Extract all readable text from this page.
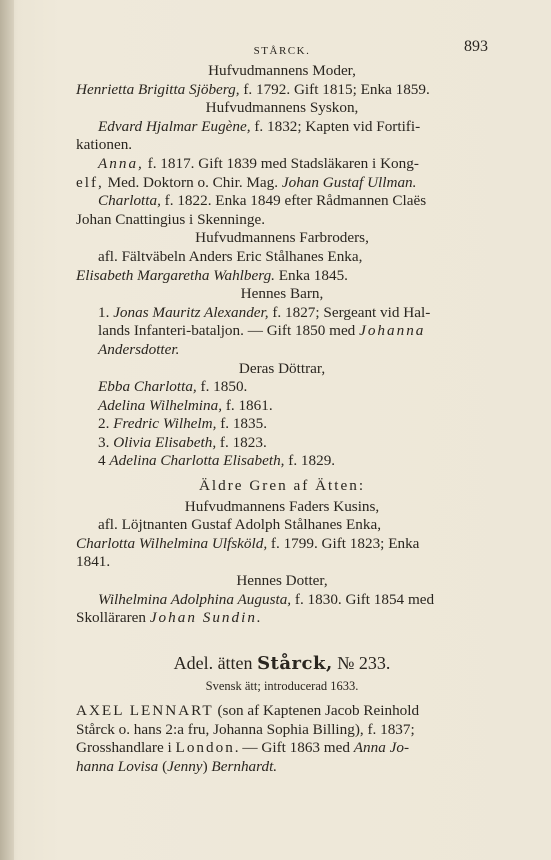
STÅRCK.	893
Hufvudmannens Moder,
Henrietta Brigitta Sjöberg, f. 1792. Gift 1815; Enka 1859.
Hufvudmannens Syskon,
Edvard Hjalmar Eugène, f. 1832; Kapten vid Fortifi-
kationen.
Anna, f. 1817. Gift 1839 med Stadsläkaren i Kong-
elf, Med. Doktorn o. Chir. Mag. Johan Gustaf Ullman.
Charlotta, f. 1822. Enka 1849 efter Rådmannen Claës
Johan Cnattingius i Skenninge.
Hufvudmannens Farbroders,
afl. Fältväbeln Anders Eric Stålhanes Enka,
Elisabeth Margaretha Wahlberg. Enka 1845.
Hennes Barn,
1. Jonas Mauritz Alexander, f. 1827; Sergeant vid Hal-
lands Infanteri-bataljon. — Gift 1850 med Johanna
Andersdotter.
Deras Döttrar,
Ebba Charlotta, f. 1850.
Adelina Wilhelmina, f. 1861.
2. Fredric Wilhelm, f. 1835.
3. Olivia Elisabeth, f. 1823.
4 Adelina Charlotta Elisabeth, f. 1829.
Äldre Gren af Ätten:
Hufvudmannens Faders Kusins,
afl. Löjtnanten Gustaf Adolph Stålhanes Enka,
Charlotta Wilhelmina Ulfsköld, f. 1799. Gift 1823; Enka
1841.
Hennes Dotter,
Wilhelmina Adolphina Augusta, f. 1830. Gift 1854 med
Skolläraren Johan Sundin.
Adel. ätten Stårck, № 233.
Svensk ätt; introducerad 1633.
AXEL LENNART (son af Kaptenen Jacob Reinhold
Stårck o. hans 2:a fru, Johanna Sophia Billing), f. 1837;
Grosshandlare i London. — Gift 1863 med Anna Jo-
hanna Lovisa (Jenny) Bernhardt.
